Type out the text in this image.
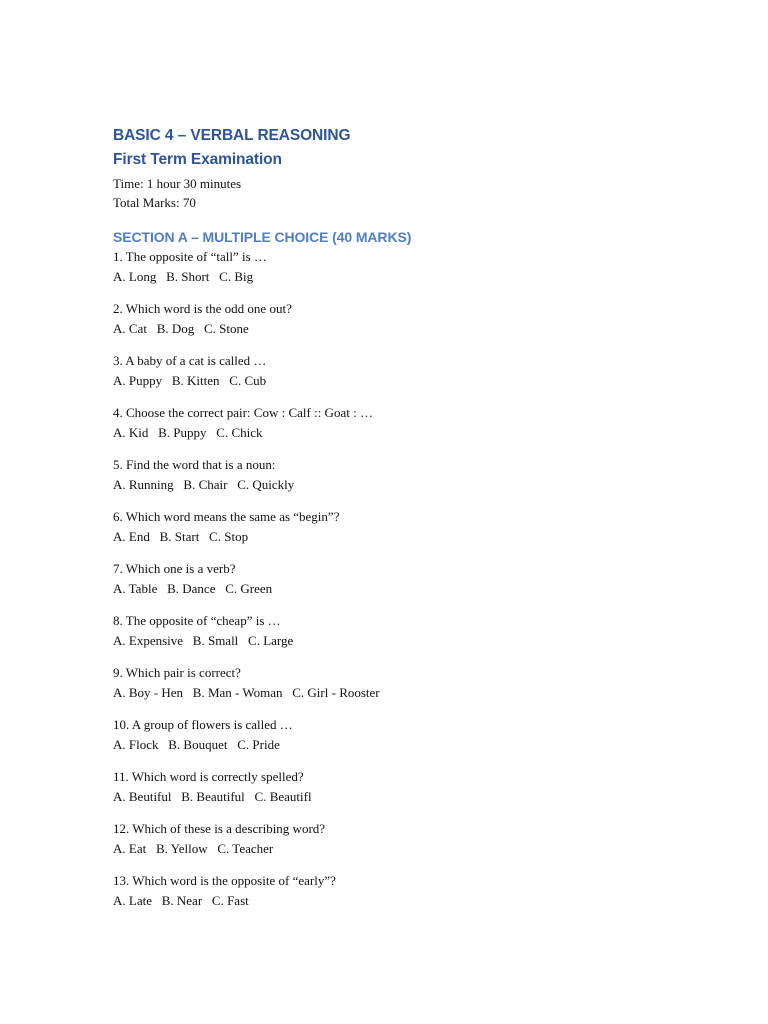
BASIC 4 – VERBAL REASONING
First Term Examination

Time: 1 hour 30 minutes

Total Marks: 70

SECTION A – MULTIPLE CHOICE (40 MARKS)

1. The opposite of “tall” is …

A. Long   B. Short   C. Big

2. Which word is the odd one out?

A. Cat   B. Dog   C. Stone

3. A baby of a cat is called …

A. Puppy   B. Kitten   C. Cub

4. Choose the correct pair: Cow : Calf :: Goat : …

A. Kid   B. Puppy   C. Chick

5. Find the word that is a noun:

A. Running   B. Chair   C. Quickly

6. Which word means the same as “begin”?

A. End   B. Start   C. Stop

7. Which one is a verb?

A. Table   B. Dance   C. Green

8. The opposite of “cheap” is …

A. Expensive   B. Small   C. Large

9. Which pair is correct?

A. Boy - Hen   B. Man - Woman   C. Girl - Rooster

10. A group of flowers is called …

A. Flock   B. Bouquet   C. Pride

11. Which word is correctly spelled?

A. Beutiful   B. Beautiful   C. Beautifl

12. Which of these is a describing word?

A. Eat   B. Yellow   C. Teacher

13. Which word is the opposite of “early”?

A. Late   B. Near   C. Fast
